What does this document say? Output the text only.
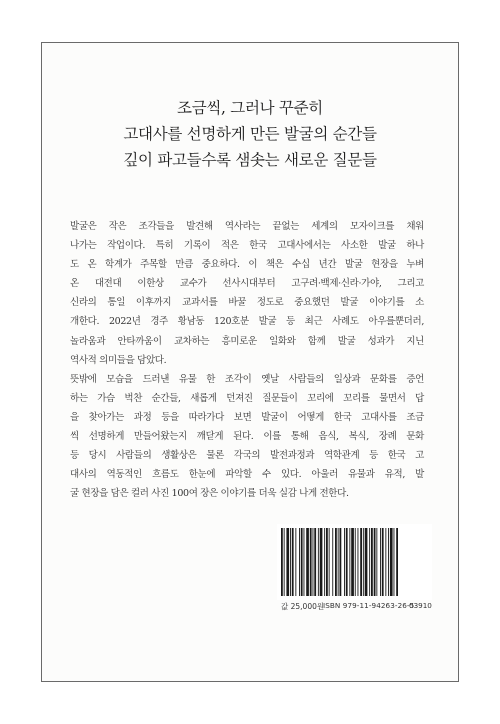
조금씩, 그러나 꾸준히
고대사를 선명하게 만든 발굴의 순간들
깊이 파고들수록 샘솟는 새로운 질문들

발굴은 작은 조각들을 발견해 역사라는 끝없는 세계의 모자이크를 채워
나가는 작업이다. 특히 기록이 적은 한국 고대사에서는 사소한 발굴 하나
도 온 학계가 주목할 만큼 중요하다. 이 책은 수십 년간 발굴 현장을 누벼
온 대전대 이한상 교수가 선사시대부터 고구려·백제·신라·가야, 그리고
신라의 통일 이후까지 교과서를 바꿀 정도로 중요했던 발굴 이야기를 소
개한다. 2022년 경주 황남동 120호분 발굴 등 최근 사례도 아우를뿐더러,
놀라움과 안타까움이 교차하는 흥미로운 일화와 함께 발굴 성과가 지닌
역사적 의미들을 담았다.

뜻밖에 모습을 드러낸 유물 한 조각이 옛날 사람들의 일상과 문화를 증언
하는 가슴 벅찬 순간들, 새롭게 던져진 질문들이 꼬리에 꼬리를 물면서 답
을 찾아가는 과정 등을 따라가다 보면 발굴이 어떻게 한국 고대사를 조금
씩 선명하게 만들어왔는지 깨닫게 된다. 이를 통해 음식, 복식, 장례 문화
등 당시 사람들의 생활상은 물론 각국의 발전과정과 역학관계 등 한국 고
대사의 역동적인 흐름도 한눈에 파악할 수 있다. 아울러 유물과 유적, 발
굴 현장을 담은 컬러 사진 100여 장은 이야기를 더욱 실감 나게 전한다.

값 25,000원
ISBN 979-11-94263-26-5
03910
